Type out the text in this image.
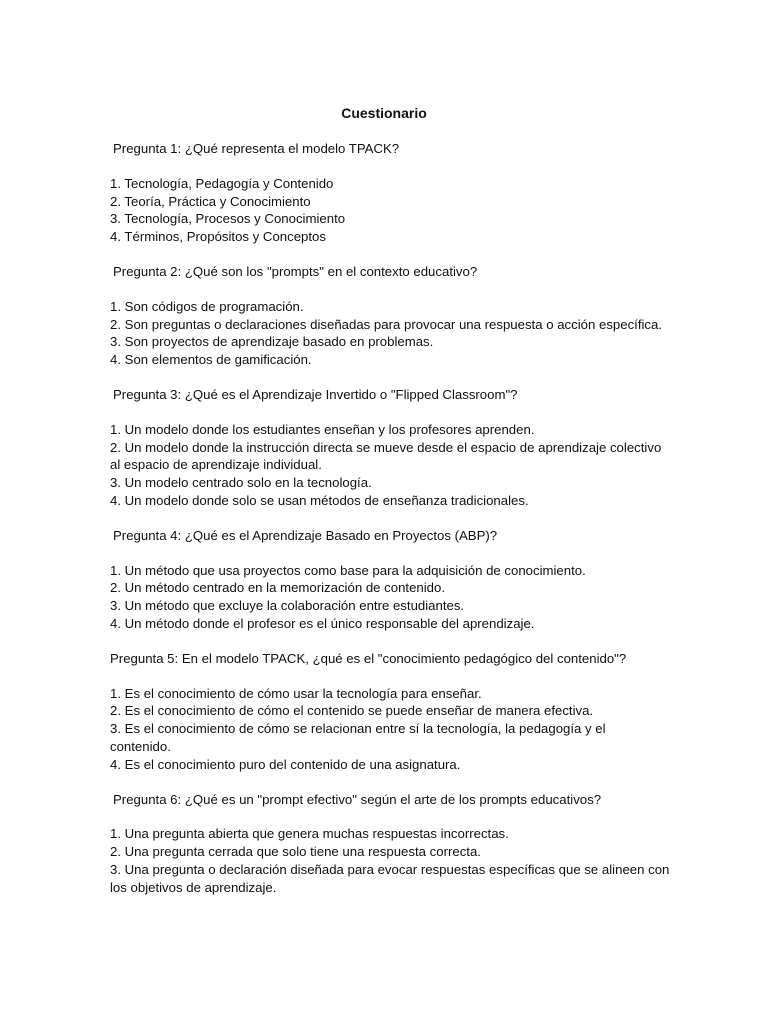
Cuestionario

Pregunta 1: ¿Qué representa el modelo TPACK?

1. Tecnología, Pedagogía y Contenido
2. Teoría, Práctica y Conocimiento
3. Tecnología, Procesos y Conocimiento
4. Términos, Propósitos y Conceptos

Pregunta 2: ¿Qué son los "prompts" en el contexto educativo?

1. Son códigos de programación.
2. Son preguntas o declaraciones diseñadas para provocar una respuesta o acción específica.
3. Son proyectos de aprendizaje basado en problemas.
4. Son elementos de gamificación.

Pregunta 3: ¿Qué es el Aprendizaje Invertido o "Flipped Classroom"?

1. Un modelo donde los estudiantes enseñan y los profesores aprenden.
2. Un modelo donde la instrucción directa se mueve desde el espacio de aprendizaje colectivo al espacio de aprendizaje individual.
3. Un modelo centrado solo en la tecnología.
4. Un modelo donde solo se usan métodos de enseñanza tradicionales.

Pregunta 4: ¿Qué es el Aprendizaje Basado en Proyectos (ABP)?

1. Un método que usa proyectos como base para la adquisición de conocimiento.
2. Un método centrado en la memorización de contenido.
3. Un método que excluye la colaboración entre estudiantes.
4. Un método donde el profesor es el único responsable del aprendizaje.

Pregunta 5: En el modelo TPACK, ¿qué es el "conocimiento pedagógico del contenido"?

1. Es el conocimiento de cómo usar la tecnología para enseñar.
2. Es el conocimiento de cómo el contenido se puede enseñar de manera efectiva.
3. Es el conocimiento de cómo se relacionan entre sí la tecnología, la pedagogía y el contenido.
4. Es el conocimiento puro del contenido de una asignatura.

Pregunta 6: ¿Qué es un "prompt efectivo" según el arte de los prompts educativos?

1. Una pregunta abierta que genera muchas respuestas incorrectas.
2. Una pregunta cerrada que solo tiene una respuesta correcta.
3. Una pregunta o declaración diseñada para evocar respuestas específicas que se alineen con los objetivos de aprendizaje.
